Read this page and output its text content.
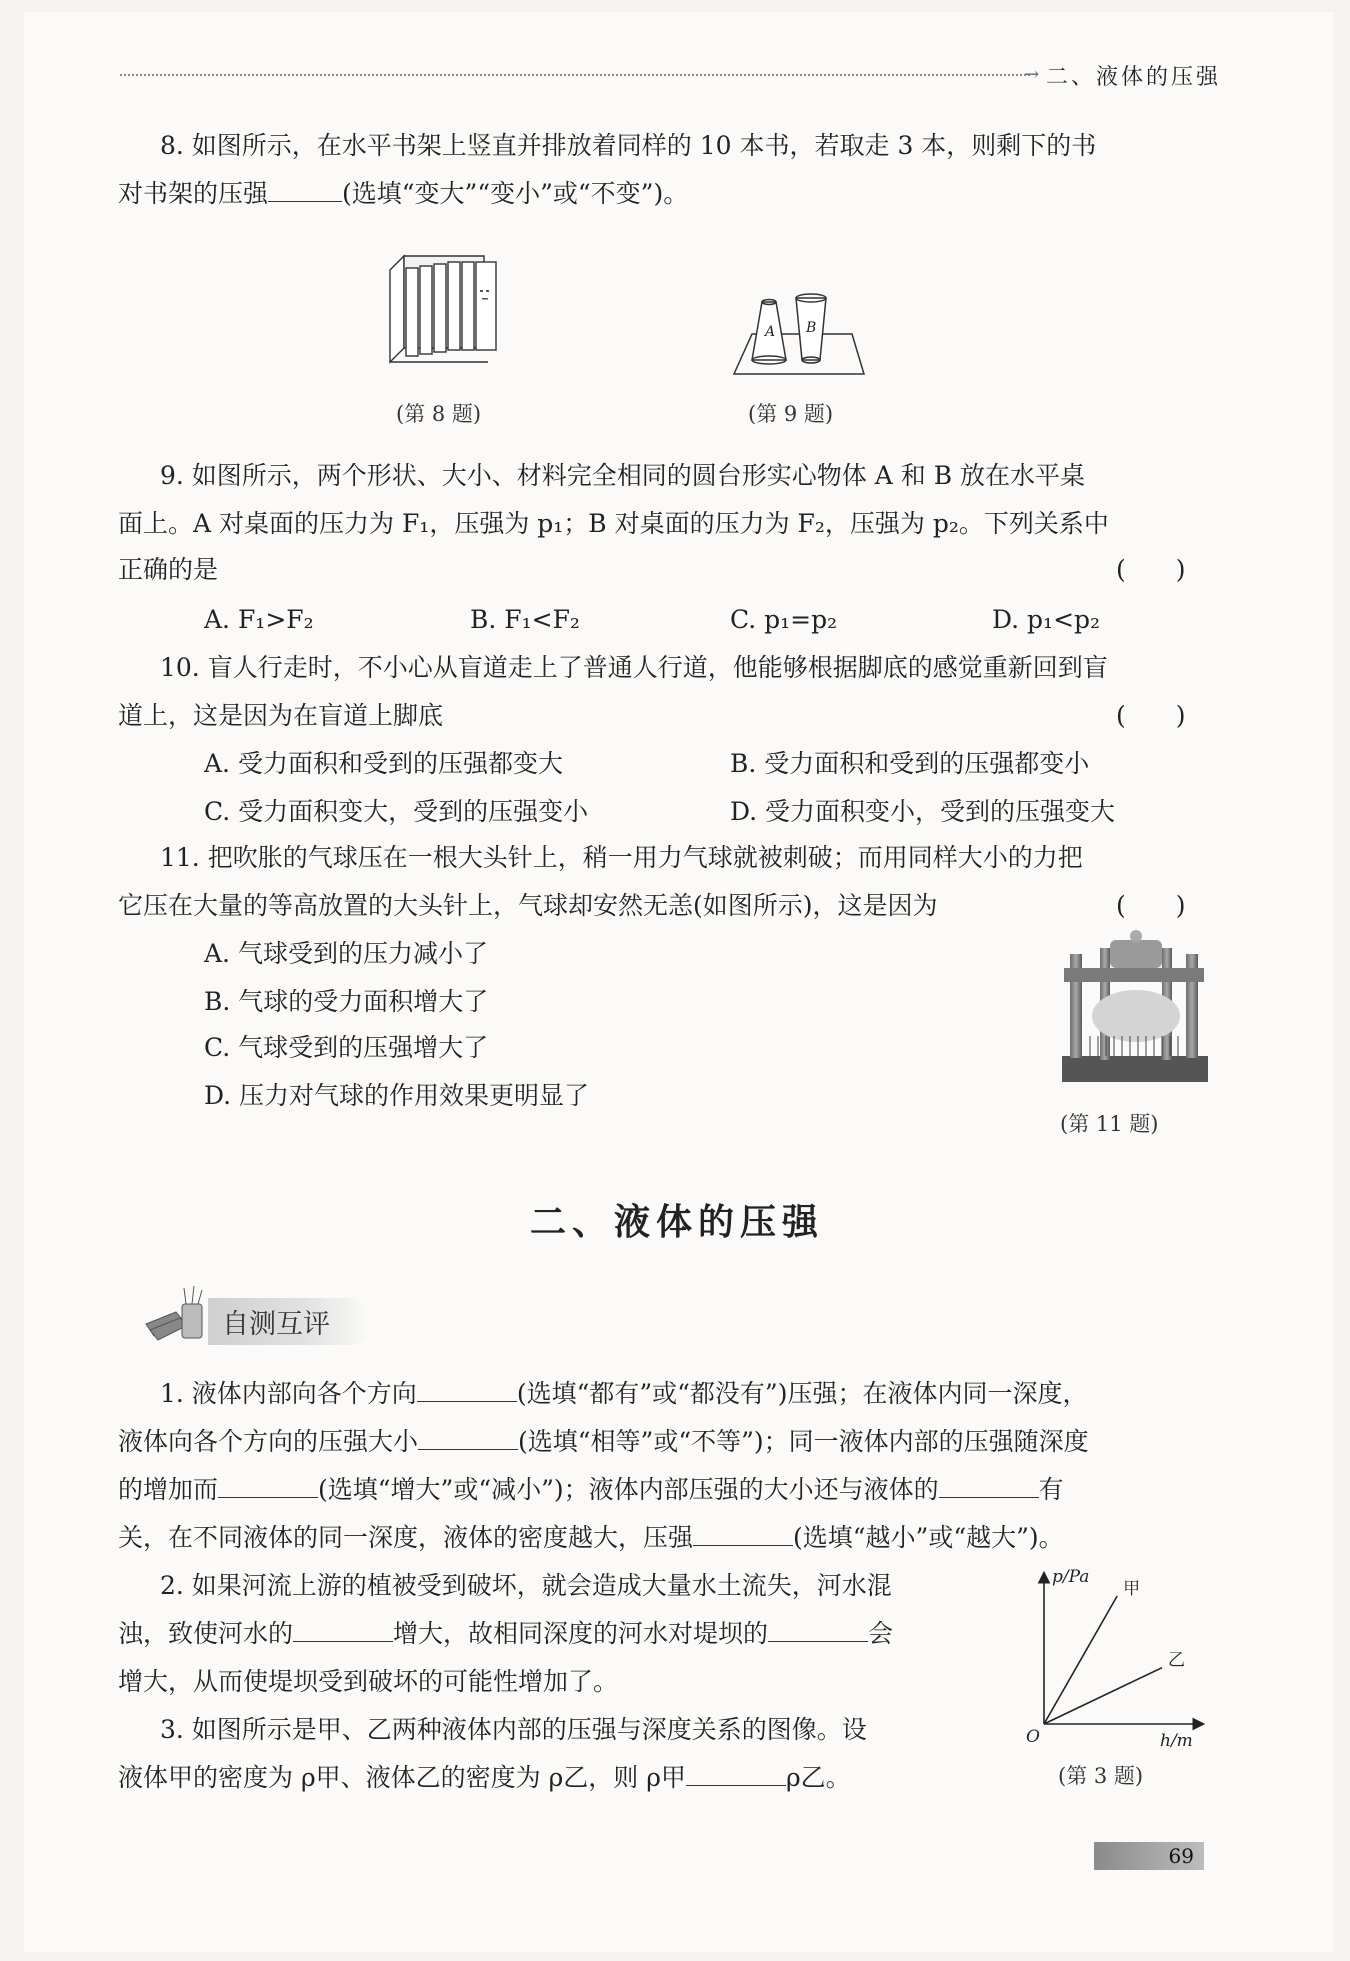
→ 二、液体的压强
8. 如图所示，在水平书架上竖直并排放着同样的 10 本书，若取走 3 本，则剩下的书
对书架的压强	(选填“变大”“变小”或“不变”)。
(第 8 题)
A B
(第 9 题)
9. 如图所示，两个形状、大小、材料完全相同的圆台形实心物体 A 和 B 放在水平桌
面上。A 对桌面的压力为 F₁，压强为 p₁；B 对桌面的压力为 F₂，压强为 p₂。下列关系中
正确的是	(　　)
A. F₁>F₂	B. F₁<F₂	C. p₁=p₂	D. p₁<p₂
10. 盲人行走时，不小心从盲道走上了普通人行道，他能够根据脚底的感觉重新回到盲
道上，这是因为在盲道上脚底	(　　)
A. 受力面积和受到的压强都变大	B. 受力面积和受到的压强都变小
C. 受力面积变大，受到的压强变小	D. 受力面积变小，受到的压强变大
11. 把吹胀的气球压在一根大头针上，稍一用力气球就被刺破；而用同样大小的力把
它压在大量的等高放置的大头针上，气球却安然无恙(如图所示)，这是因为	(　　)
A. 气球受到的压力减小了
B. 气球的受力面积增大了
C. 气球受到的压强增大了
D. 压力对气球的作用效果更明显了
(第 11 题)
二、液体的压强
自测互评
1. 液体内部向各个方向	(选填“都有”或“都没有”)压强；在液体内同一深度，
液体向各个方向的压强大小	(选填“相等”或“不等”)；同一液体内部的压强随深度
的增加而	(选填“增大”或“减小”)；液体内部压强的大小还与液体的	有
关，在不同液体的同一深度，液体的密度越大，压强	(选填“越小”或“越大”)。
2. 如果河流上游的植被受到破坏，就会造成大量水土流失，河水混
浊，致使河水的	增大，故相同深度的河水对堤坝的	会
增大，从而使堤坝受到破坏的可能性增加了。
3. 如图所示是甲、乙两种液体内部的压强与深度关系的图像。设
液体甲的密度为 ρ甲、液体乙的密度为 ρ乙，则 ρ甲	ρ乙。
p/Pa
h/m
O
甲
乙
(第 3 题)
69
